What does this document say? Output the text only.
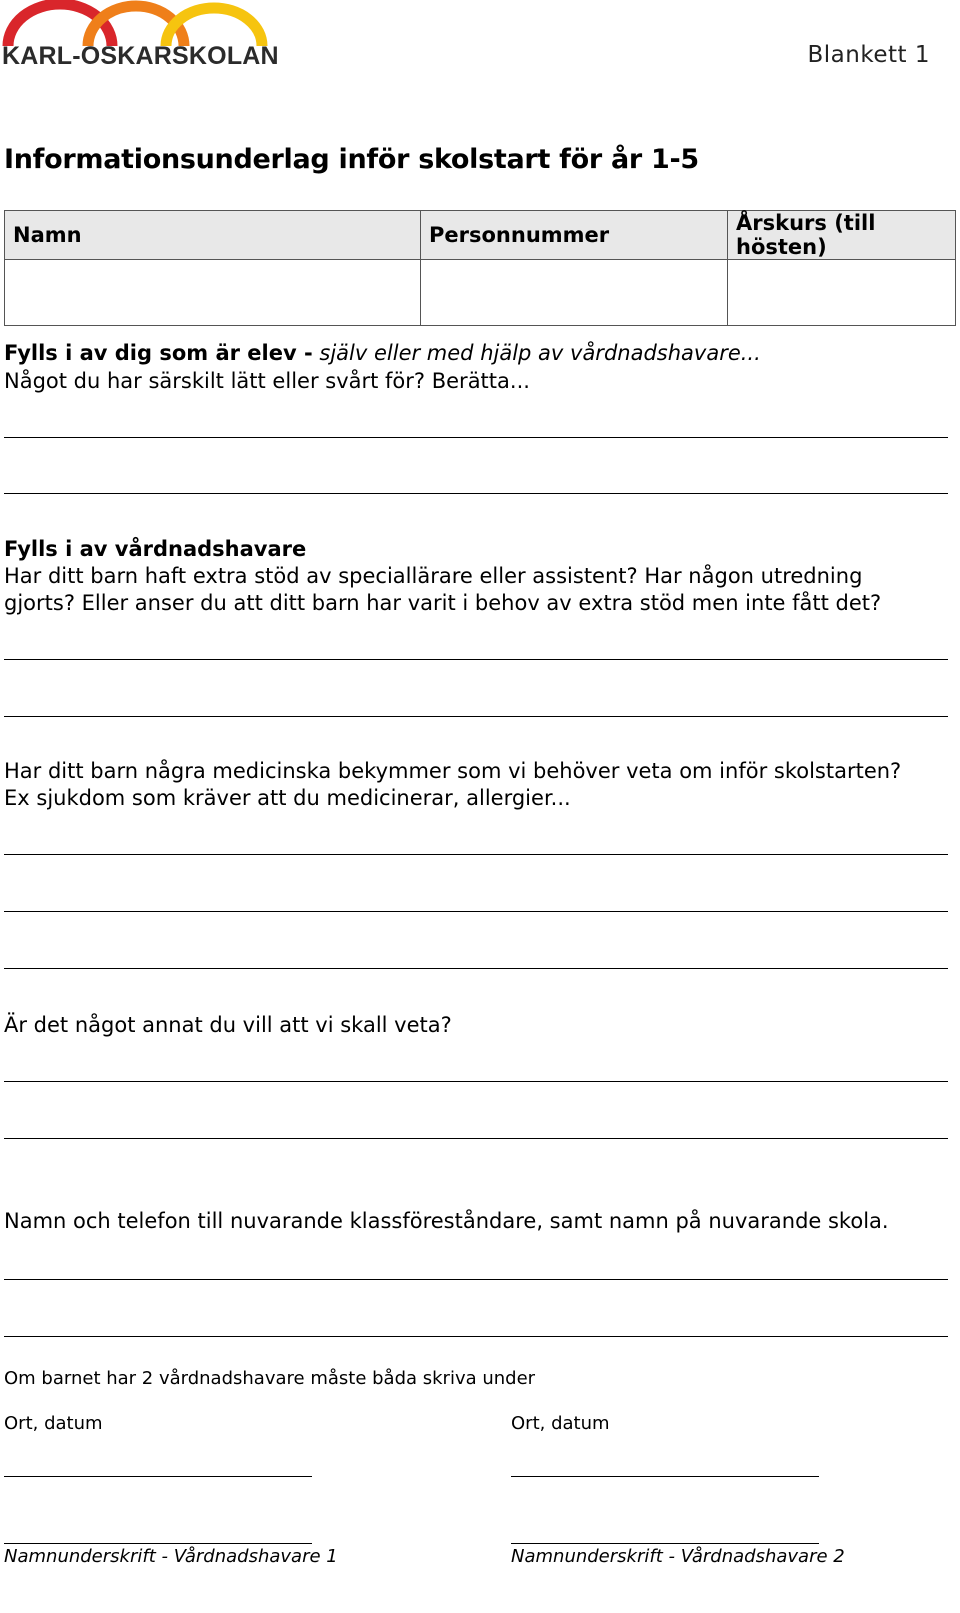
KARL-OSKARSKOLAN	Blankett 1
Informationsunderlag inför skolstart för år 1-5
Namn	Personnummer	Årskurs (till hösten)

Fylls i av dig som är elev - själv eller med hjälp av vårdnadshavare...
Något du har särskilt lätt eller svårt för? Berätta...
Fylls i av vårdnadshavare
Har ditt barn haft extra stöd av speciallärare eller assistent? Har någon utredning
gjorts? Eller anser du att ditt barn har varit i behov av extra stöd men inte fått det?
Har ditt barn några medicinska bekymmer som vi behöver veta om inför skolstarten?
Ex sjukdom som kräver att du medicinerar, allergier...
Är det något annat du vill att vi skall veta?
Namn och telefon till nuvarande klassföreståndare, samt namn på nuvarande skola.
Om barnet har 2 vårdnadshavare måste båda skriva under
Ort, datum	Ort, datum
Namnunderskrift - Vårdnadshavare 1	Namnunderskrift - Vårdnadshavare 2
